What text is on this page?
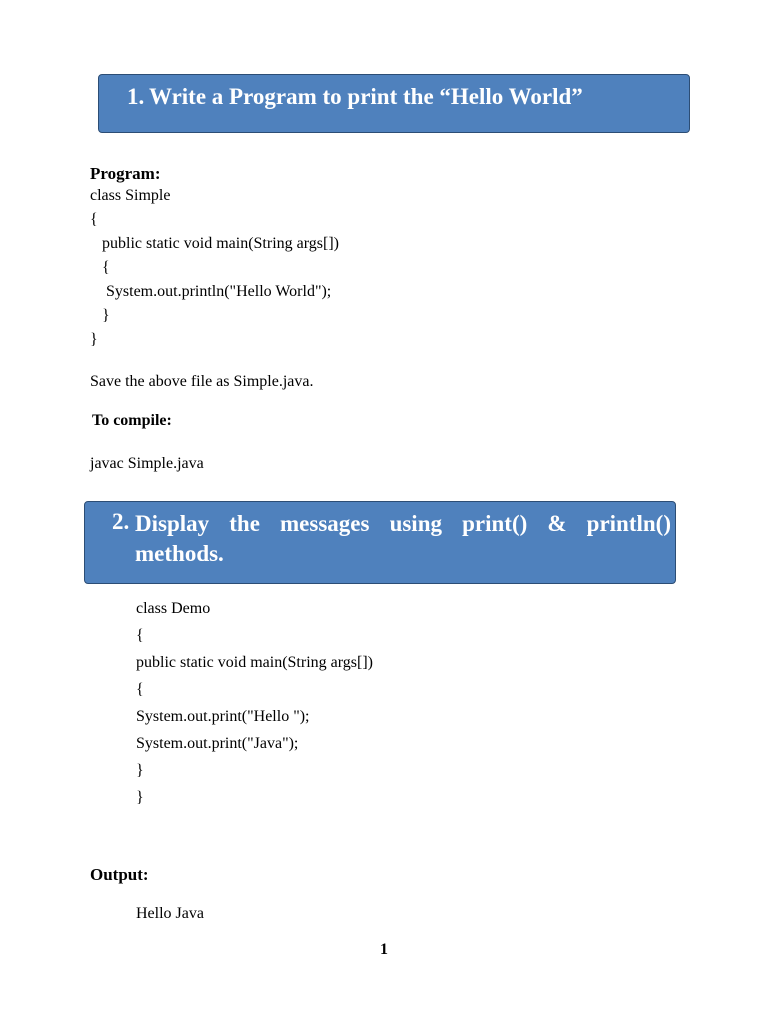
1. Write a Program to print the “Hello World”
Program:
class Simple
{
public static void main(String args[])
{
System.out.println("Hello World");
}
}
Save the above file as Simple.java.
To compile:
javac Simple.java
2. Display the messages using print() & println() methods.
class Demo
{
public static void main(String args[])
{
System.out.print("Hello ");
System.out.print("Java");
}
}
Output:
Hello Java
1
